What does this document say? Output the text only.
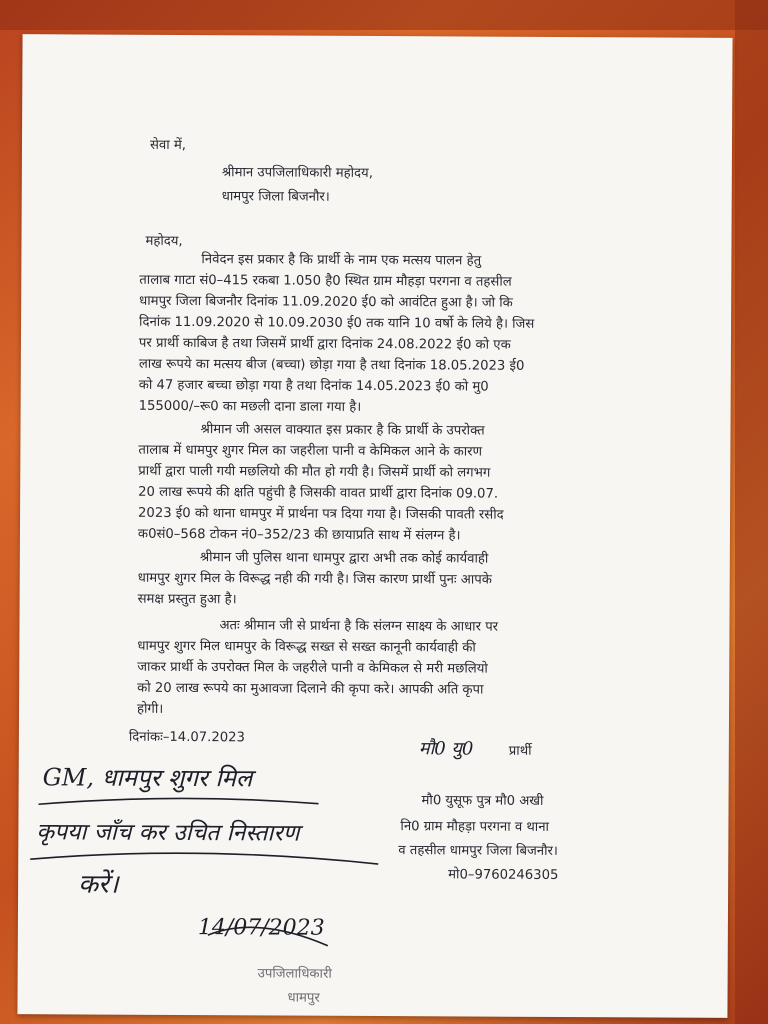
सेवा में,
श्रीमान उपजिलाधिकारी महोदय,
धामपुर जिला बिजनौर।
महोदय,
निवेदन इस प्रकार है कि प्रार्थी के नाम एक मत्सय पालन हेतु
तालाब गाटा सं0–415 रकबा 1.050 है0 स्थित ग्राम मौहड़ा परगना व तहसील
धामपुर जिला बिजनौर दिनांक 11.09.2020 ई0 को आवंटित हुआ है। जो कि
दिनांक 11.09.2020 से 10.09.2030 ई0 तक यानि 10 वर्षो के लिये है। जिस
पर प्रार्थी काबिज है तथा जिसमें प्रार्थी द्वारा दिनांक 24.08.2022 ई0 को एक
लाख रूपये का मत्सय बीज (बच्चा) छोड़ा गया है तथा दिनांक 18.05.2023 ई0
को 47 हजार बच्चा छोड़ा गया है तथा दिनांक 14.05.2023 ई0 को मु0
155000/–रू0 का मछली दाना डाला गया है।
श्रीमान जी असल वाक्यात इस प्रकार है कि प्रार्थी के उपरोक्त
तालाब में धामपुर शुगर मिल का जहरीला पानी व केमिकल आने के कारण
प्रार्थी द्वारा पाली गयी मछलियो की मौत हो गयी है। जिसमें प्रार्थी को लगभग
20 लाख रूपये की क्षति पहुंची है जिसकी वावत प्रार्थी द्वारा दिनांक 09.07.
2023 ई0 को थाना धामपुर में प्रार्थना पत्र दिया गया है। जिसकी पावती रसीद
क0सं0–568 टोकन नं0–352/23 की छायाप्रति साथ में संलग्न है।
श्रीमान जी पुलिस थाना धामपुर द्वारा अभी तक कोई कार्यवाही
धामपुर शुगर मिल के विरूद्ध नही की गयी है। जिस कारण प्रार्थी पुनः आपके
समक्ष प्रस्तुत हुआ है।
अतः श्रीमान जी से प्रार्थना है कि संलग्न साक्ष्य के आधार पर
धामपुर शुगर मिल धामपुर के विरूद्ध सख्त से सख्त कानूनी कार्यवाही की
जाकर प्रार्थी के उपरोक्त मिल के जहरीले पानी व केमिकल से मरी मछलियो
को 20 लाख रूपये का मुआवजा दिलाने की कृपा करे। आपकी अति कृपा
होगी।
दिनांकः–14.07.2023
मौ0 यु0	प्रार्थी
मौ0 युसूफ पुत्र मौ0 अखी
नि0 ग्राम मौहड़ा परगना व थाना
व तहसील धामपुर जिला बिजनौर।
मो0–9760246305
GM, धामपुर शुगर मिल
कृपया जाँच कर उचित निस्तारण
करें।
14/07/2023
उपजिलाधिकारी
धामपुर
